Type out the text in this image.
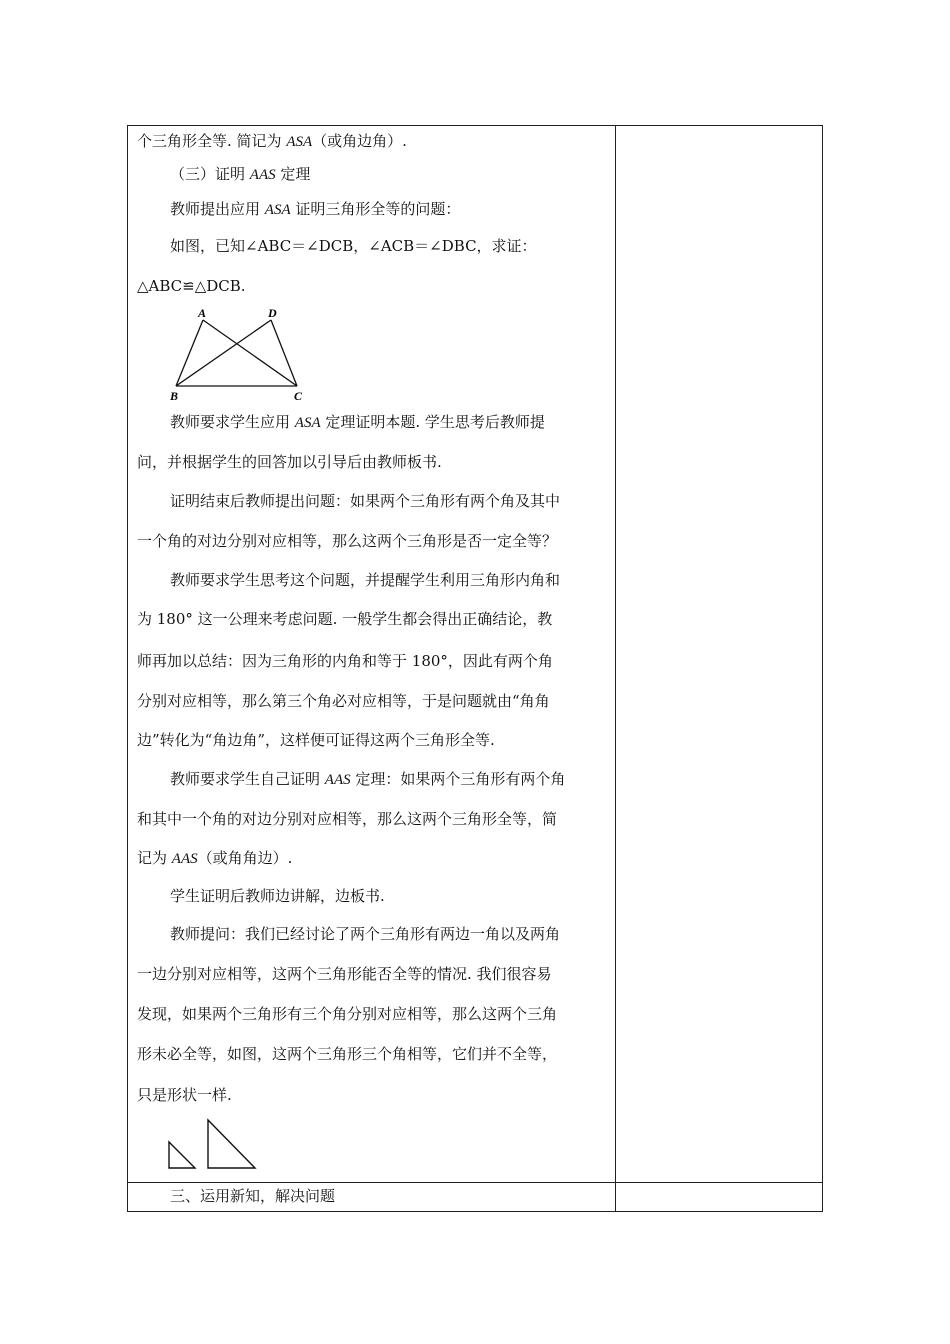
个三角形全等. 简记为 ASA（或角边角）.
（三）证明 AAS 定理
教师提出应用 ASA 证明三角形全等的问题：
如图，已知∠ABC＝∠DCB，∠ACB＝∠DBC，求证：
△ABC≌△DCB.
A	D
B	C
教师要求学生应用 ASA 定理证明本题. 学生思考后教师提
问，并根据学生的回答加以引导后由教师板书.
证明结束后教师提出问题：如果两个三角形有两个角及其中
一个角的对边分别对应相等，那么这两个三角形是否一定全等？
教师要求学生思考这个问题，并提醒学生利用三角形内角和
为 180° 这一公理来考虑问题. 一般学生都会得出正确结论，教
师再加以总结：因为三角形的内角和等于 180°，因此有两个角
分别对应相等，那么第三个角必对应相等，于是问题就由“角角
边”转化为“角边角”，这样便可证得这两个三角形全等.
教师要求学生自己证明 AAS 定理：如果两个三角形有两个角
和其中一个角的对边分别对应相等，那么这两个三角形全等，简
记为 AAS（或角角边）.
学生证明后教师边讲解，边板书.
教师提问：我们已经讨论了两个三角形有两边一角以及两角
一边分别对应相等，这两个三角形能否全等的情况. 我们很容易
发现，如果两个三角形有三个角分别对应相等，那么这两个三角
形未必全等，如图，这两个三角形三个角相等，它们并不全等，
只是形状一样.
三、运用新知，解决问题
